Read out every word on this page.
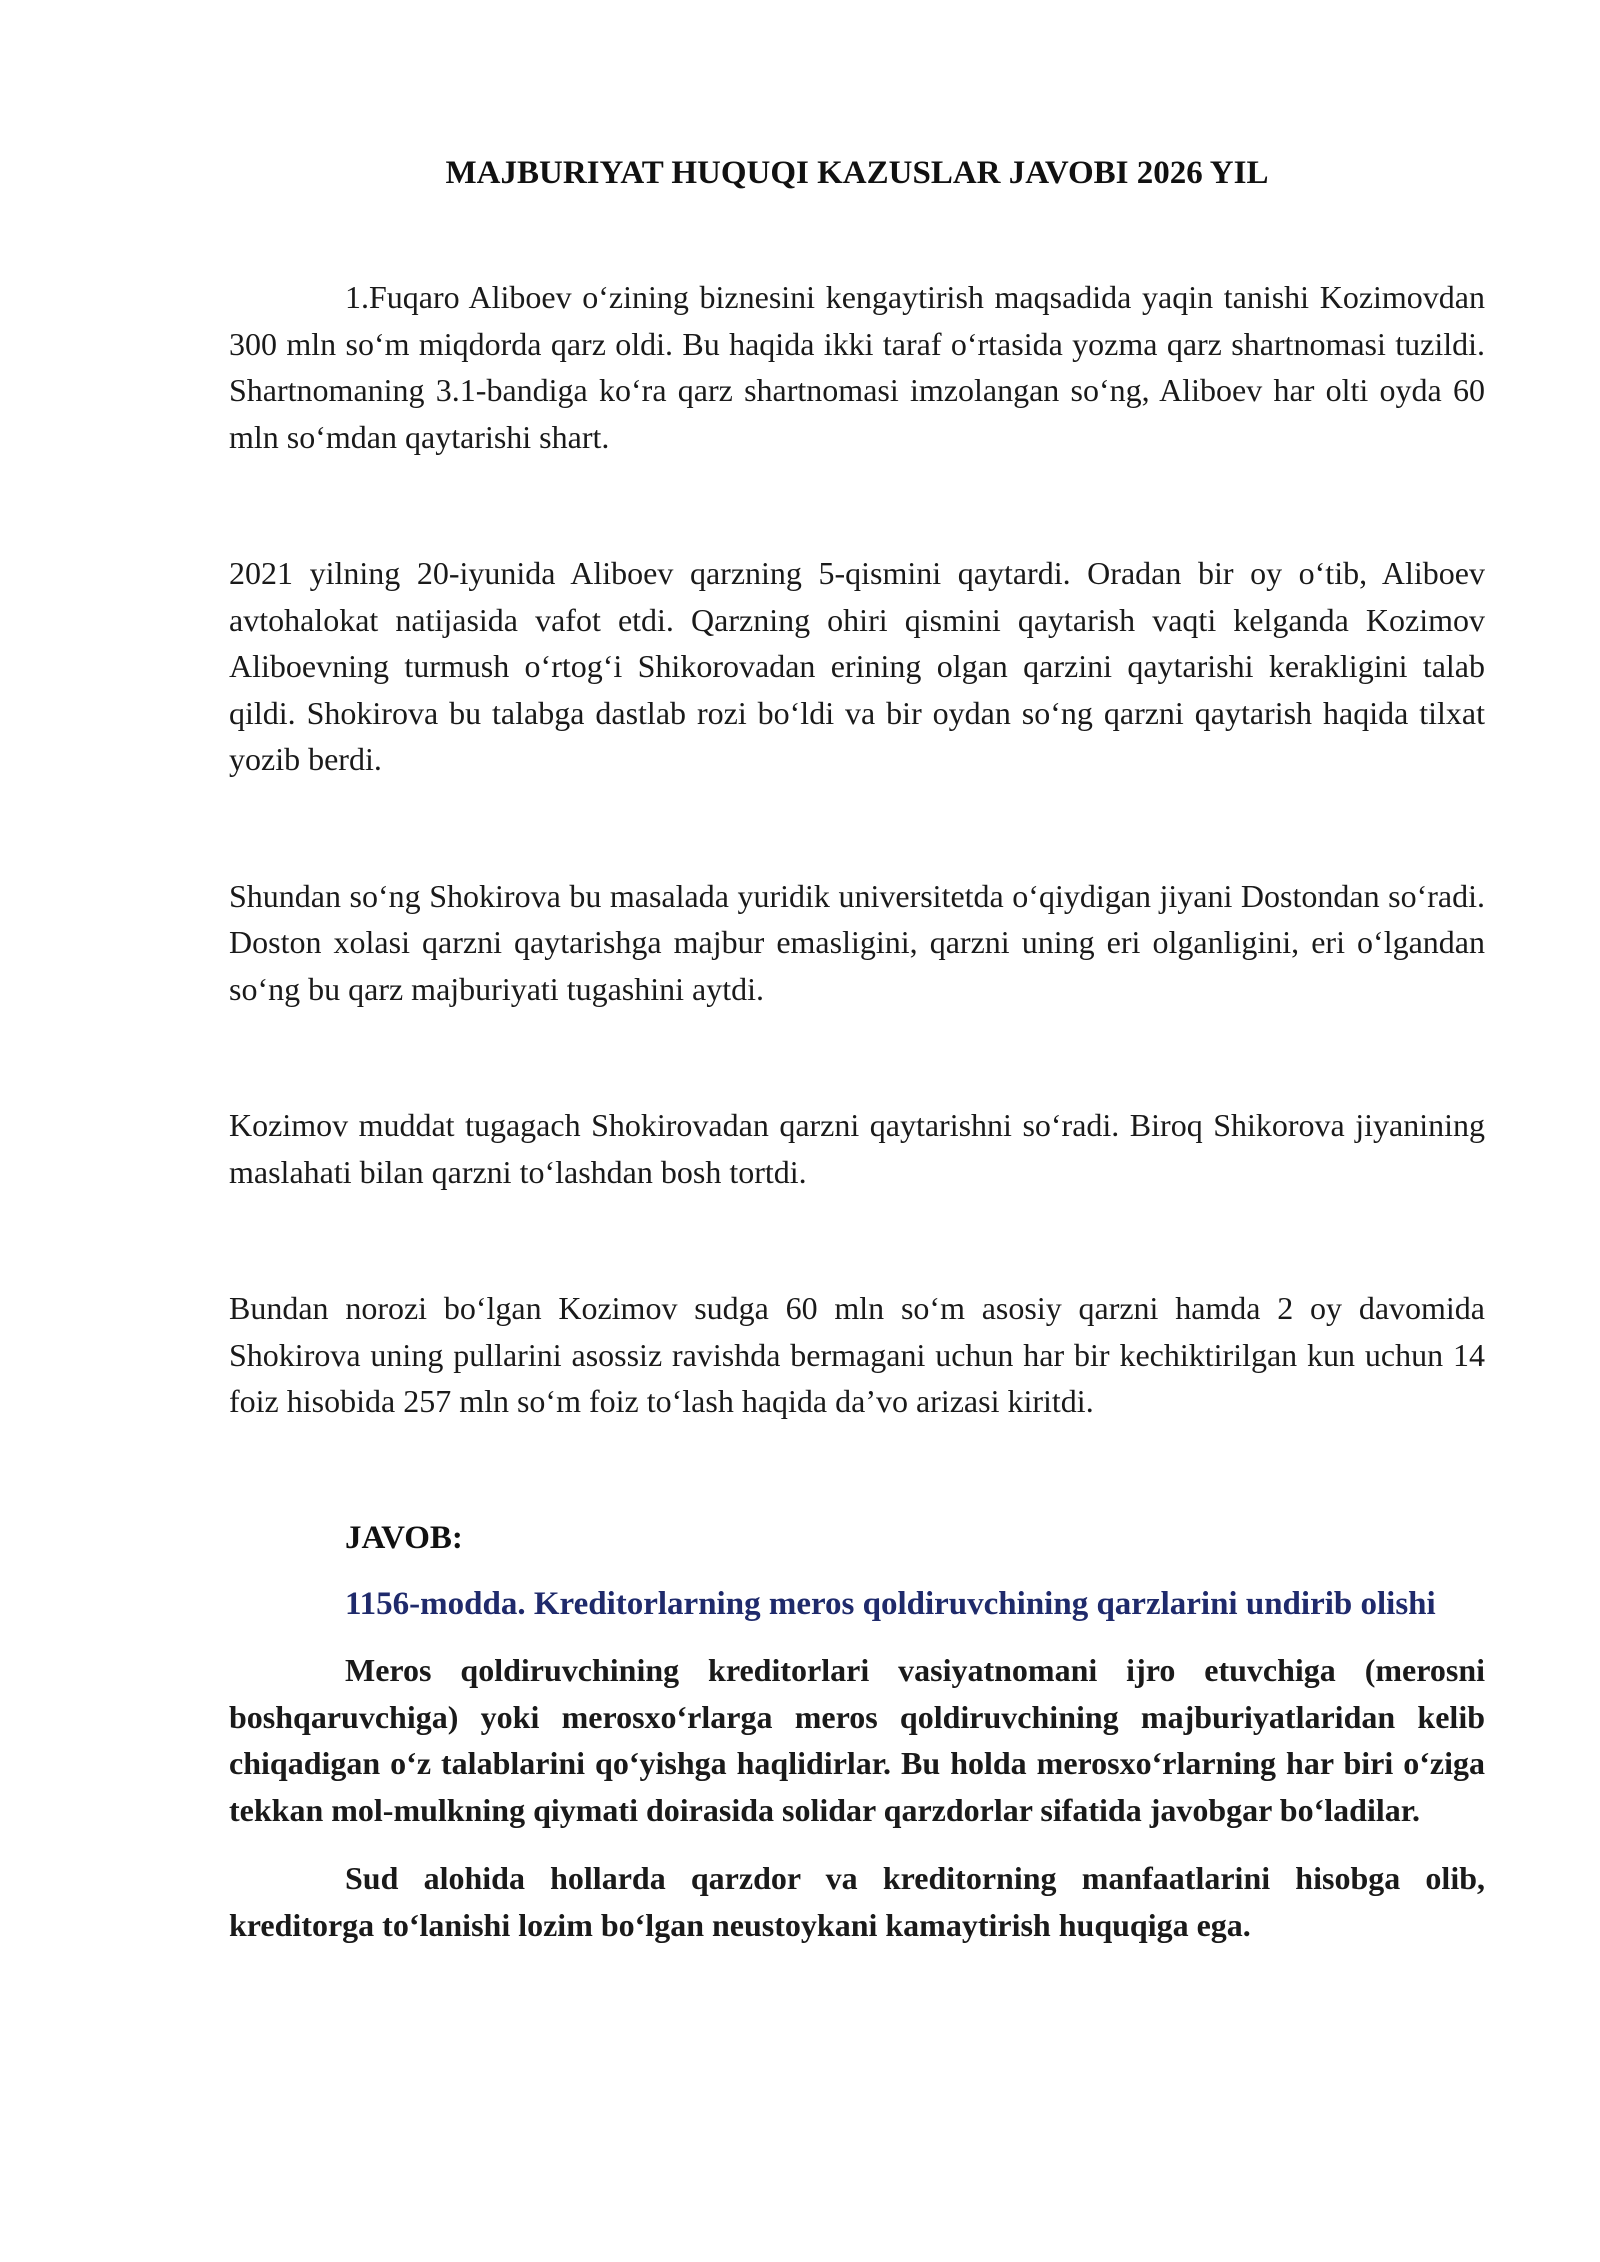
MAJBURIYAT HUQUQI KAZUSLAR JAVOBI 2026 YIL

1.Fuqaro Aliboev oʻzining biznesini kengaytirish maqsadida yaqin tanishi Kozimovdan 300 mln soʻm miqdorda qarz oldi. Bu haqida ikki taraf oʻrtasida yozma qarz shartnomasi tuzildi. Shartnomaning 3.1-bandiga koʻra qarz shartnomasi imzolangan soʻng, Aliboev har olti oyda 60 mln soʻmdan qaytarishi shart.

2021 yilning 20-iyunida Aliboev qarzning 5-qismini qaytardi. Oradan bir oy oʻtib, Aliboev avtohalokat natijasida vafot etdi. Qarzning ohiri qismini qaytarish vaqti kelganda Kozimov Aliboevning turmush oʻrtogʻi Shikorovadan erining olgan qarzini qaytarishi kerakligini talab qildi. Shokirova bu talabga dastlab rozi boʻldi va bir oydan soʻng qarzni qaytarish haqida tilxat yozib berdi.

Shundan soʻng Shokirova bu masalada yuridik universitetda oʻqiydigan jiyani Dostondan soʻradi. Doston xolasi qarzni qaytarishga majbur emasligini, qarzni uning eri olganligini, eri oʻlgandan soʻng bu qarz majburiyati tugashini aytdi.

Kozimov muddat tugagach Shokirovadan qarzni qaytarishni soʻradi. Biroq Shikorova jiyanining maslahati bilan qarzni toʻlashdan bosh tortdi.

Bundan norozi boʻlgan Kozimov sudga 60 mln soʻm asosiy qarzni hamda 2 oy davomida Shokirova uning pullarini asossiz ravishda bermagani uchun har bir kechiktirilgan kun uchun 14 foiz hisobida 257 mln soʻm foiz toʻlash haqida daʼvo arizasi kiritdi.

JAVOB:

1156-modda. Kreditorlarning meros qoldiruvchining qarzlarini undirib olishi

Meros qoldiruvchining kreditorlari vasiyatnomani ijro etuvchiga (merosni boshqaruvchiga) yoki merosxoʻrlarga meros qoldiruvchining majburiyatlaridan kelib chiqadigan oʻz talablarini qoʻyishga haqlidirlar. Bu holda merosxoʻrlarning har biri oʻziga tekkan mol-mulkning qiymati doirasida solidar qarzdorlar sifatida javobgar boʻladilar.

Sud alohida hollarda qarzdor va kreditorning manfaatlarini hisobga olib, kreditorga toʻlanishi lozim boʻlgan neustoykani kamaytirish huquqiga ega.
